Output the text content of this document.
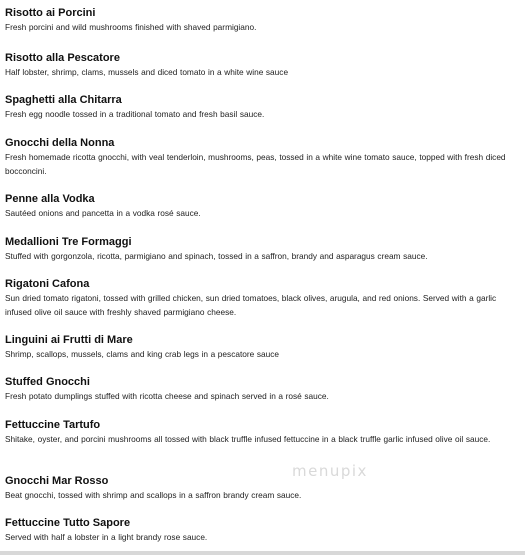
Risotto ai Porcini

Fresh porcini and wild mushrooms finished with shaved parmigiano.

Risotto alla Pescatore

Half lobster, shrimp, clams, mussels and diced tomato in a white wine sauce

Spaghetti alla Chitarra

Fresh egg noodle tossed in a traditional tomato and fresh basil sauce.

Gnocchi della Nonna

Fresh homemade ricotta gnocchi, with veal tenderloin, mushrooms, peas, tossed in a white wine tomato sauce, topped with fresh diced bocconcini.

Penne alla Vodka

Sautéed onions and pancetta in a vodka rosé sauce.

Medallioni Tre Formaggi

Stuffed with gorgonzola, ricotta, parmigiano and spinach, tossed in a saffron, brandy and asparagus cream sauce.

Rigatoni Cafona

Sun dried tomato rigatoni, tossed with grilled chicken, sun dried tomatoes, black olives, arugula, and red onions. Served with a garlic infused olive oil sauce with freshly shaved parmigiano cheese.

Linguini ai Frutti di Mare

Shrimp, scallops, mussels, clams and king crab legs in a pescatore sauce

Stuffed Gnocchi

Fresh potato dumplings stuffed with ricotta cheese and spinach served in a rosé sauce.

Fettuccine Tartufo

Shitake, oyster, and porcini mushrooms all tossed with black truffle infused fettuccine in a black truffle garlic infused olive oil sauce.

Gnocchi Mar Rosso

Beat gnocchi, tossed with shrimp and scallops in a saffron brandy cream sauce.

Fettuccine Tutto Sapore

Served with half a lobster in a light brandy rose sauce.

menupix
